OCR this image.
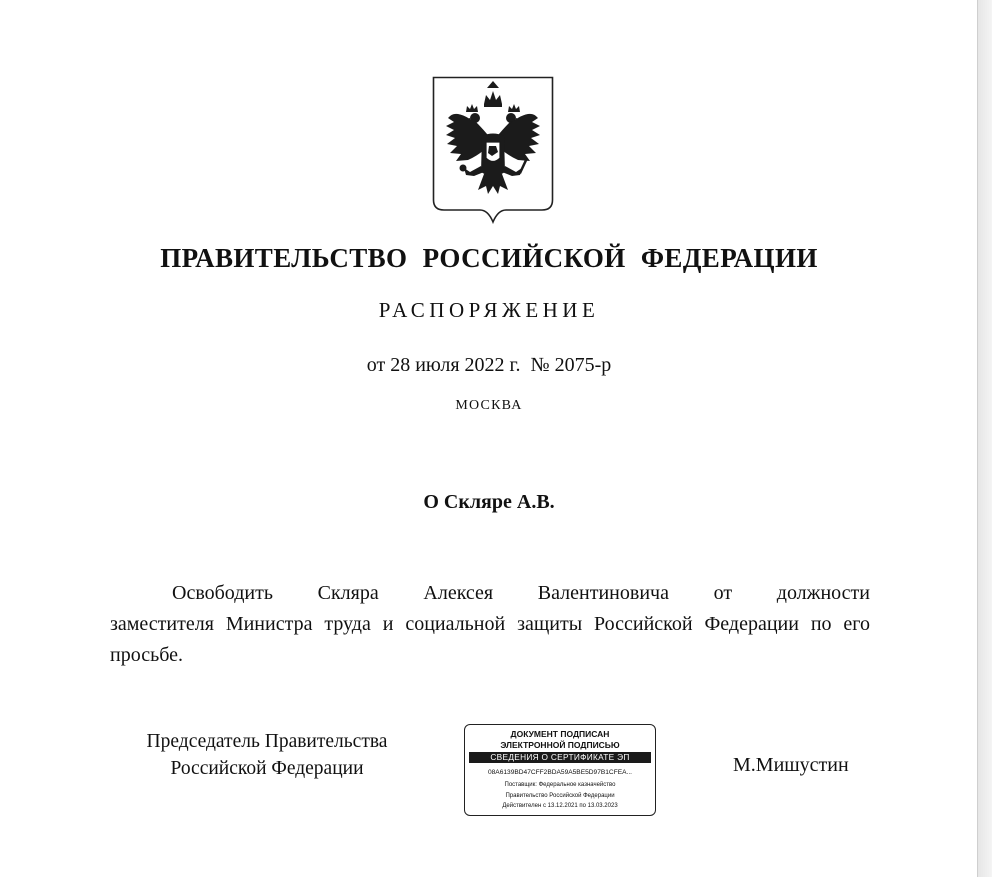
ПРАВИТЕЛЬСТВО РОССИЙСКОЙ ФЕДЕРАЦИИ
РАСПОРЯЖЕНИЕ
от 28 июля 2022 г.  № 2075-р
МОСКВА
О Скляре А.В.

Освободить Скляра Алексея Валентиновича от должности

заместителя Министра труда и социальной защиты Российской Федерации по его просьбе.

Председатель Правительства
Российской Федерации
ДОКУМЕНТ ПОДПИСАН
ЭЛЕКТРОННОЙ ПОДПИСЬЮ
СВЕДЕНИЯ О СЕРТИФИКАТЕ ЭП
08A6139BD47CFF2BDA59A5BE5D97B1CFEA...
Поставщик: Федеральное казначейство
Правительство Российской Федерации
Действителен с 13.12.2021 по 13.03.2023
М.Мишустин
